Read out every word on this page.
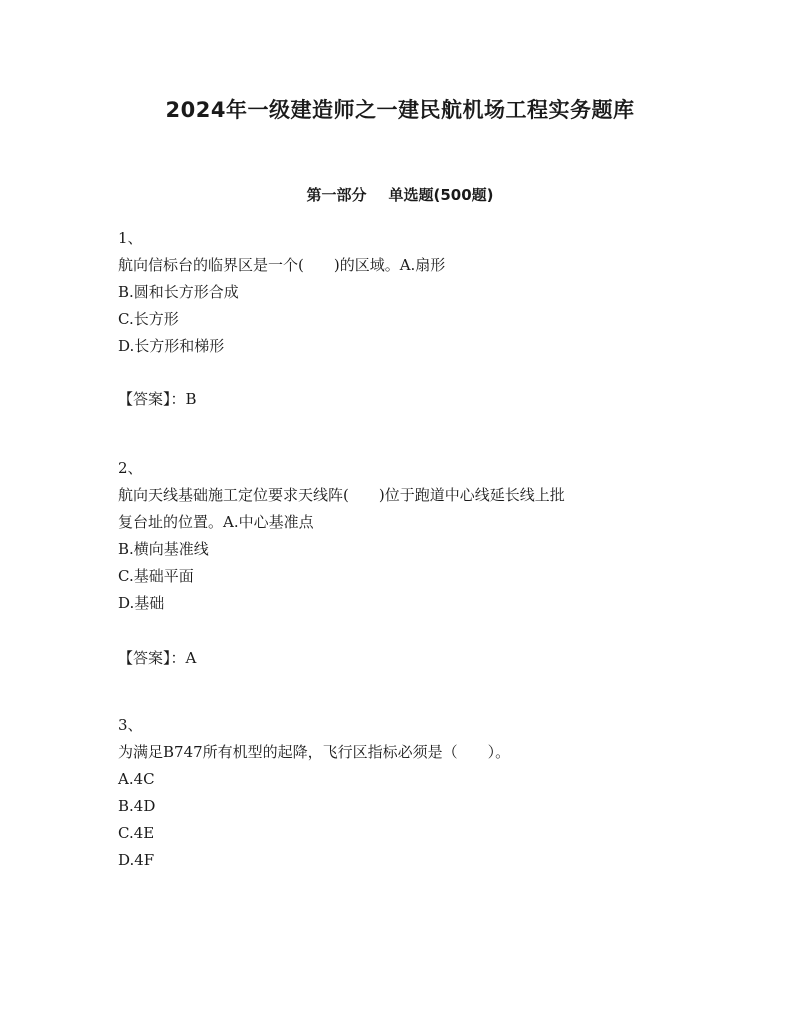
2024年一级建造师之一建民航机场工程实务题库
第一部分 单选题(500题)
1、
航向信标台的临界区是一个(　　)的区域。A.扇形
B.圆和长方形合成
C.长方形
D.长方形和梯形
【答案】：B
2、
航向天线基础施工定位要求天线阵(　　)位于跑道中心线延长线上批
复台址的位置。A.中心基准点
B.横向基准线
C.基础平面
D.基础
【答案】：A
3、
为满足B747所有机型的起降，飞行区指标必须是（　　）。
A.4C
B.4D
C.4E
D.4F
